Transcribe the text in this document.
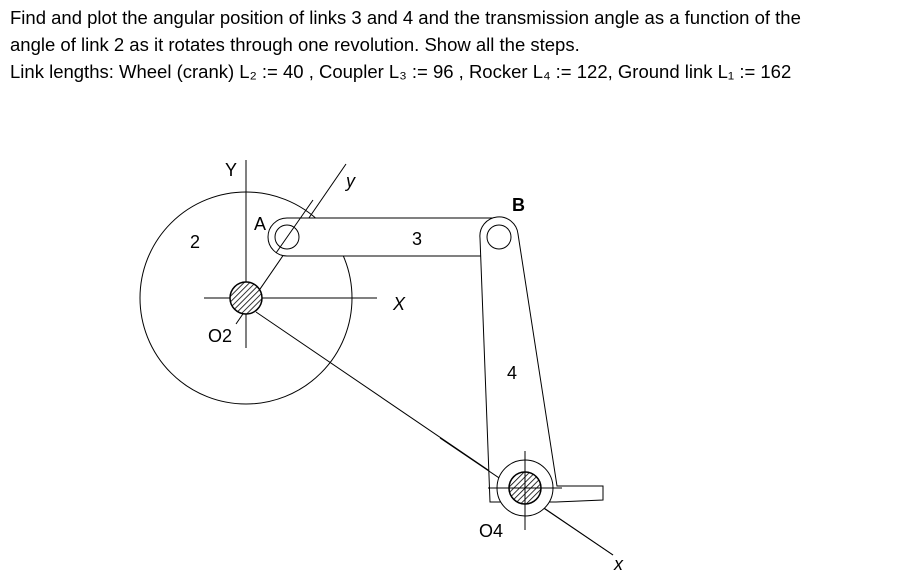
Find and plot the angular position of links 3 and 4 and the transmission angle as a function of the

angle of link 2 as it rotates through one revolution. Show all the steps.

Link lengths: Wheel (crank) L₂ := 40 , Coupler L₃ := 96 , Rocker L₄ := 122, Ground link L₁ := 162

Y
y
A
B
2	3
4
X
x
O2
O4
